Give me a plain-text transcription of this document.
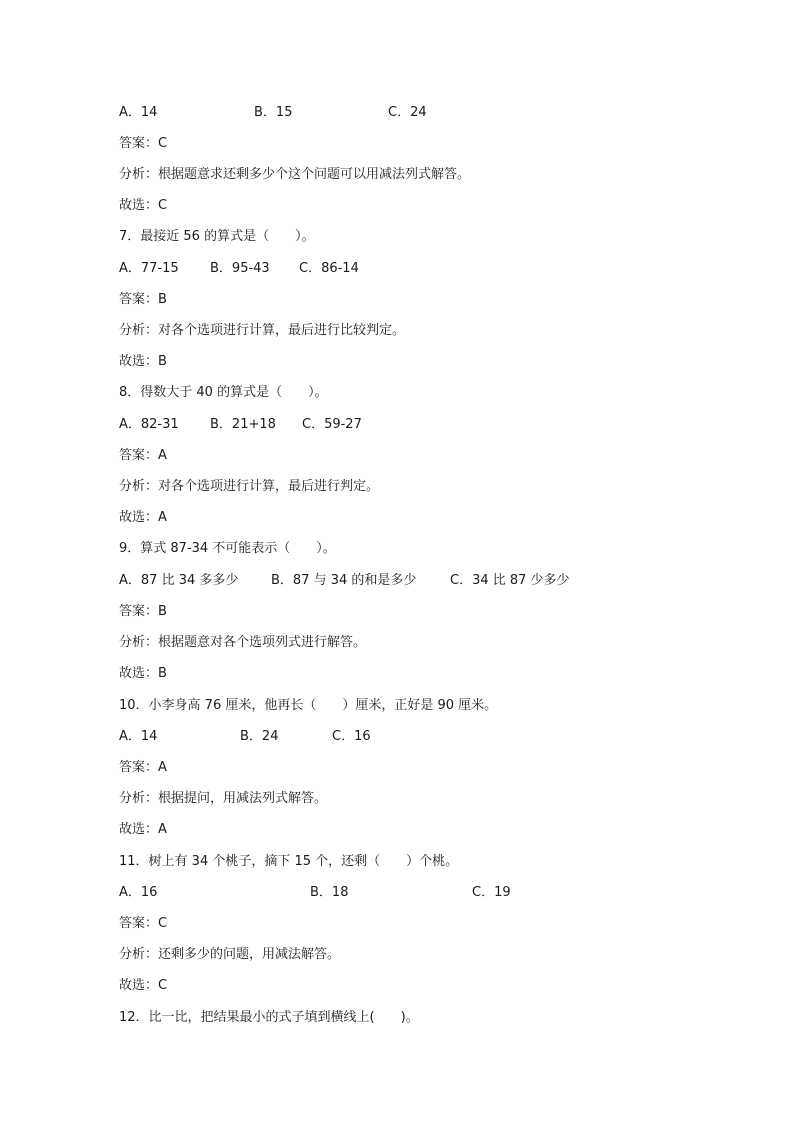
A．14	B．15	C．24
答案：C
分析：根据题意求还剩多少个这个问题可以用减法列式解答。
故选：C
7．最接近 56 的算式是（　　）。
A．77-15 B．95-43 C．86-14
答案：B
分析：对各个选项进行计算，最后进行比较判定。
故选：B
8．得数大于 40 的算式是（　　）。
A．82-31 B．21+18 C．59-27
答案：A
分析：对各个选项进行计算，最后进行判定。
故选：A
9．算式 87-34 不可能表示（　　）。
A．87 比 34 多多少	B．87 与 34 的和是多少	C．34 比 87 少多少
答案：B
分析：根据题意对各个选项列式进行解答。
故选：B
10．小李身高 76 厘米，他再长（　　）厘米，正好是 90 厘米。
A．14	B．24	C．16
答案：A
分析：根据提问，用减法列式解答。
故选：A
11．树上有 34 个桃子，摘下 15 个，还剩（　　）个桃。
A．16	B．18	C．19
答案：C
分析：还剩多少的问题，用减法解答。
故选：C
12．比一比，把结果最小的式子填到横线上(　　)。
